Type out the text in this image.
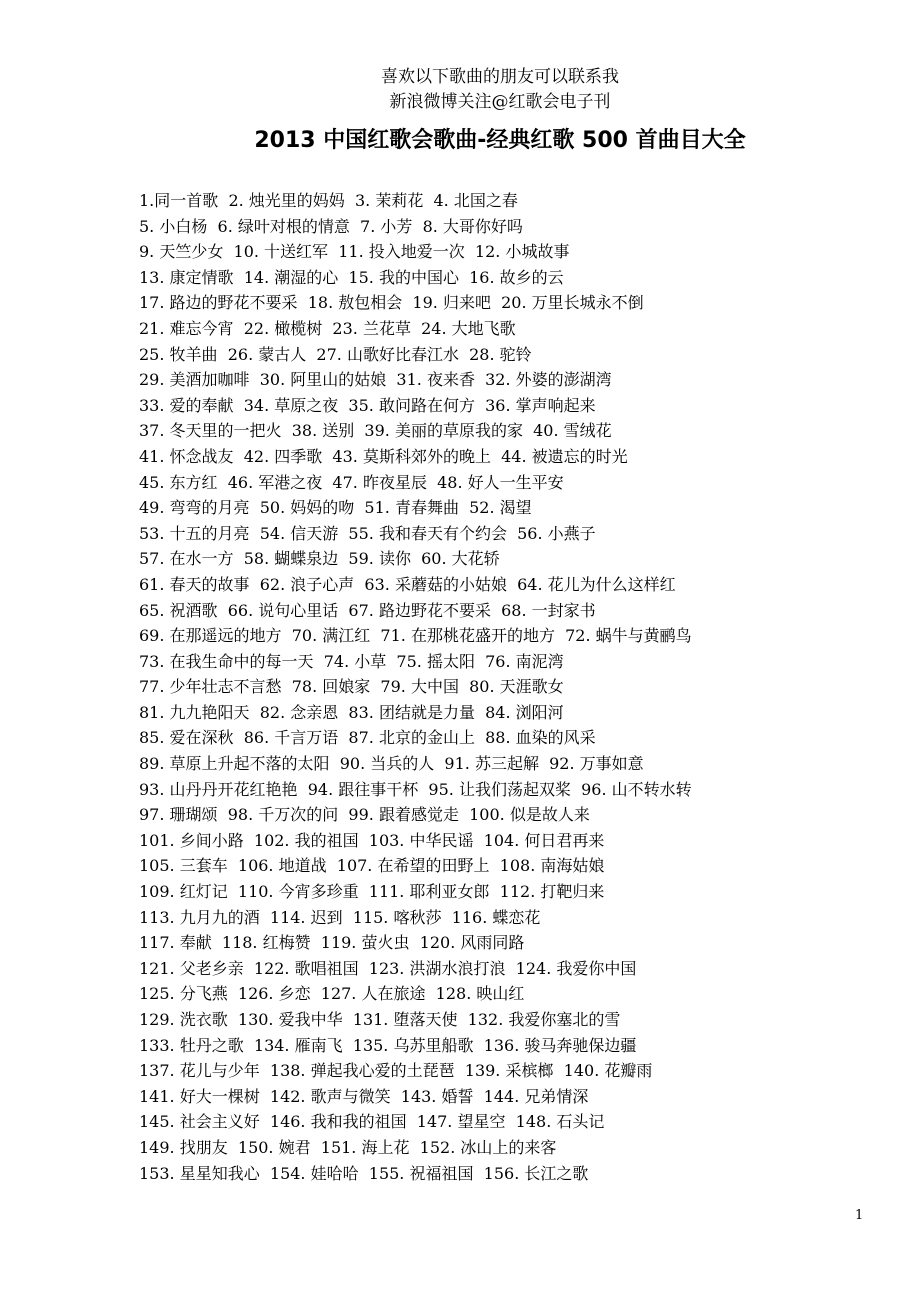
喜欢以下歌曲的朋友可以联系我
新浪微博关注@红歌会电子刊
2013 中国红歌会歌曲-经典红歌 500 首曲目大全
1.同一首歌  2. 烛光里的妈妈  3. 茉莉花  4. 北国之春
5. 小白杨  6. 绿叶对根的情意  7. 小芳  8. 大哥你好吗
9. 天竺少女  10. 十送红军  11. 投入地爱一次  12. 小城故事
13. 康定情歌  14. 潮湿的心  15. 我的中国心  16. 故乡的云
17. 路边的野花不要采  18. 敖包相会  19. 归来吧  20. 万里长城永不倒
21. 难忘今宵  22. 橄榄树  23. 兰花草  24. 大地飞歌
25. 牧羊曲  26. 蒙古人  27. 山歌好比春江水  28. 驼铃
29. 美酒加咖啡  30. 阿里山的姑娘  31. 夜来香  32. 外婆的澎湖湾
33. 爱的奉献  34. 草原之夜  35. 敢问路在何方  36. 掌声响起来
37. 冬天里的一把火  38. 送别  39. 美丽的草原我的家  40. 雪绒花
41. 怀念战友  42. 四季歌  43. 莫斯科郊外的晚上  44. 被遗忘的时光
45. 东方红  46. 军港之夜  47. 昨夜星辰  48. 好人一生平安
49. 弯弯的月亮  50. 妈妈的吻  51. 青春舞曲  52. 渴望
53. 十五的月亮  54. 信天游  55. 我和春天有个约会  56. 小燕子
57. 在水一方  58. 蝴蝶泉边  59. 读你  60. 大花轿
61. 春天的故事  62. 浪子心声  63. 采蘑菇的小姑娘  64. 花儿为什么这样红
65. 祝酒歌  66. 说句心里话  67. 路边野花不要采  68. 一封家书
69. 在那遥远的地方  70. 满江红  71. 在那桃花盛开的地方  72. 蜗牛与黄鹂鸟
73. 在我生命中的每一天  74. 小草  75. 摇太阳  76. 南泥湾
77. 少年壮志不言愁  78. 回娘家  79. 大中国  80. 天涯歌女
81. 九九艳阳天  82. 念亲恩  83. 团结就是力量  84. 浏阳河
85. 爱在深秋  86. 千言万语  87. 北京的金山上  88. 血染的风采
89. 草原上升起不落的太阳  90. 当兵的人  91. 苏三起解  92. 万事如意
93. 山丹丹开花红艳艳  94. 跟往事干杯  95. 让我们荡起双桨  96. 山不转水转
97. 珊瑚颂  98. 千万次的问  99. 跟着感觉走  100. 似是故人来
101. 乡间小路  102. 我的祖国  103. 中华民谣  104. 何日君再来
105. 三套车  106. 地道战  107. 在希望的田野上  108. 南海姑娘
109. 红灯记  110. 今宵多珍重  111. 耶利亚女郎  112. 打靶归来
113. 九月九的酒  114. 迟到  115. 喀秋莎  116. 蝶恋花
117. 奉献  118. 红梅赞  119. 萤火虫  120. 风雨同路
121. 父老乡亲  122. 歌唱祖国  123. 洪湖水浪打浪  124. 我爱你中国
125. 分飞燕  126. 乡恋  127. 人在旅途  128. 映山红
129. 洗衣歌  130. 爱我中华  131. 堕落天使  132. 我爱你塞北的雪
133. 牡丹之歌  134. 雁南飞  135. 乌苏里船歌  136. 骏马奔驰保边疆
137. 花儿与少年  138. 弹起我心爱的土琵琶  139. 采槟榔  140. 花瓣雨
141. 好大一棵树  142. 歌声与微笑  143. 婚誓  144. 兄弟情深
145. 社会主义好  146. 我和我的祖国  147. 望星空  148. 石头记
149. 找朋友  150. 婉君  151. 海上花  152. 冰山上的来客
153. 星星知我心  154. 娃哈哈  155. 祝福祖国  156. 长江之歌
1
